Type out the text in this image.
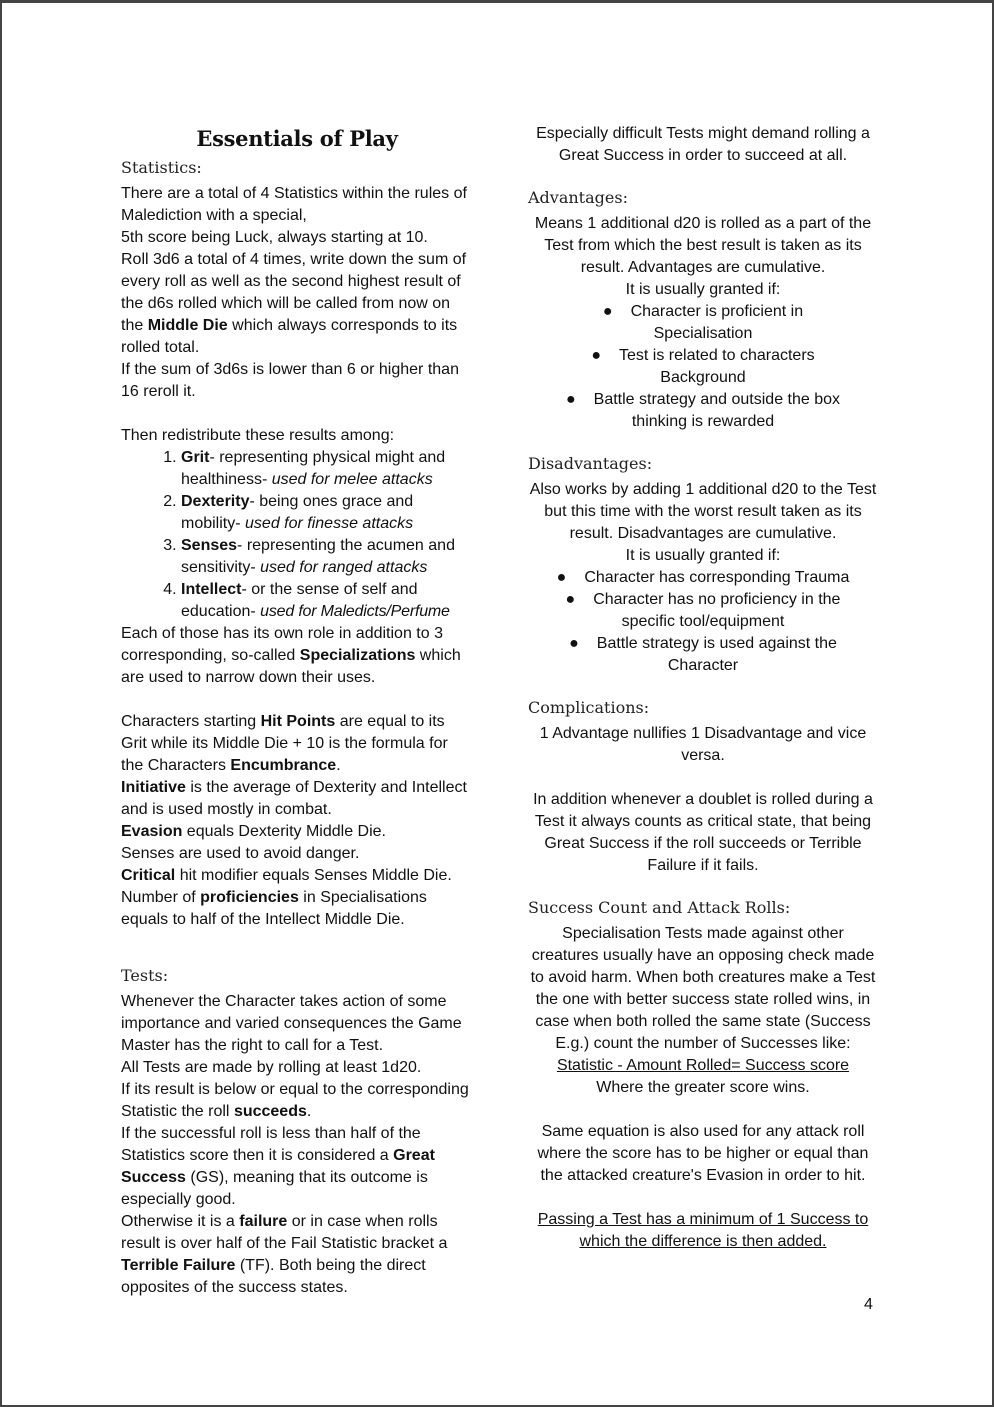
Essentials of Play
Statistics:

There are a total of 4 Statistics within the rules of Malediction with a special,

5th score being Luck, always starting at 10.

Roll 3d6 a total of 4 times, write down the sum of every roll as well as the second highest result of the d6s rolled which will be called from now on the Middle Die which always corresponds to its rolled total.

If the sum of 3d6s is lower than 6 or higher than 16 reroll it.

Then redistribute these results among:

1. Grit- representing physical might and healthiness- used for melee attacks
2. Dexterity- being ones grace and mobility- used for finesse attacks
3. Senses- representing the acumen and sensitivity- used for ranged attacks
4. Intellect- or the sense of self and education- used for Maledicts/Perfume

Each of those has its own role in addition to 3 corresponding, so-called Specializations which are used to narrow down their uses.

Characters starting Hit Points are equal to its Grit while its Middle Die + 10 is the formula for the Characters Encumbrance.

Initiative is the average of Dexterity and Intellect and is used mostly in combat.

Evasion equals Dexterity Middle Die.

Senses are used to avoid danger.

Critical hit modifier equals Senses Middle Die.

Number of proficiencies in Specialisations equals to half of the Intellect Middle Die.

Tests:

Whenever the Character takes action of some importance and varied consequences the Game Master has the right to call for a Test.

All Tests are made by rolling at least 1d20.

If its result is below or equal to the corresponding Statistic the roll succeeds.

If the successful roll is less than half of the Statistics score then it is considered a Great Success (GS), meaning that its outcome is especially good.

Otherwise it is a failure or in case when rolls result is over half of the Fail Statistic bracket a Terrible Failure (TF). Both being the direct opposites of the success states.

Especially difficult Tests might demand rolling a Great Success in order to succeed at all.

Advantages:

Means 1 additional d20 is rolled as a part of the Test from which the best result is taken as its result. Advantages are cumulative.

It is usually granted if:

● Character is proficient in Specialisation
● Test is related to characters Background
● Battle strategy and outside the box thinking is rewarded
Disadvantages:

Also works by adding 1 additional d20 to the Test but this time with the worst result taken as its result. Disadvantages are cumulative.

It is usually granted if:

● Character has corresponding Trauma
● Character has no proficiency in the specific tool/equipment
● Battle strategy is used against the Character
Complications:

1 Advantage nullifies 1 Disadvantage and vice versa.

In addition whenever a doublet is rolled during a Test it always counts as critical state, that being Great Success if the roll succeeds or Terrible Failure if it fails.

Success Count and Attack Rolls:

Specialisation Tests made against other creatures usually have an opposing check made to avoid harm. When both creatures make a Test the one with better success state rolled wins, in case when both rolled the same state (Success E.g.) count the number of Successes like:

Statistic - Amount Rolled= Success score

Where the greater score wins.

Same equation is also used for any attack roll where the score has to be higher or equal than the attacked creature's Evasion in order to hit.

Passing a Test has a minimum of 1 Success to which the difference is then added.

4
